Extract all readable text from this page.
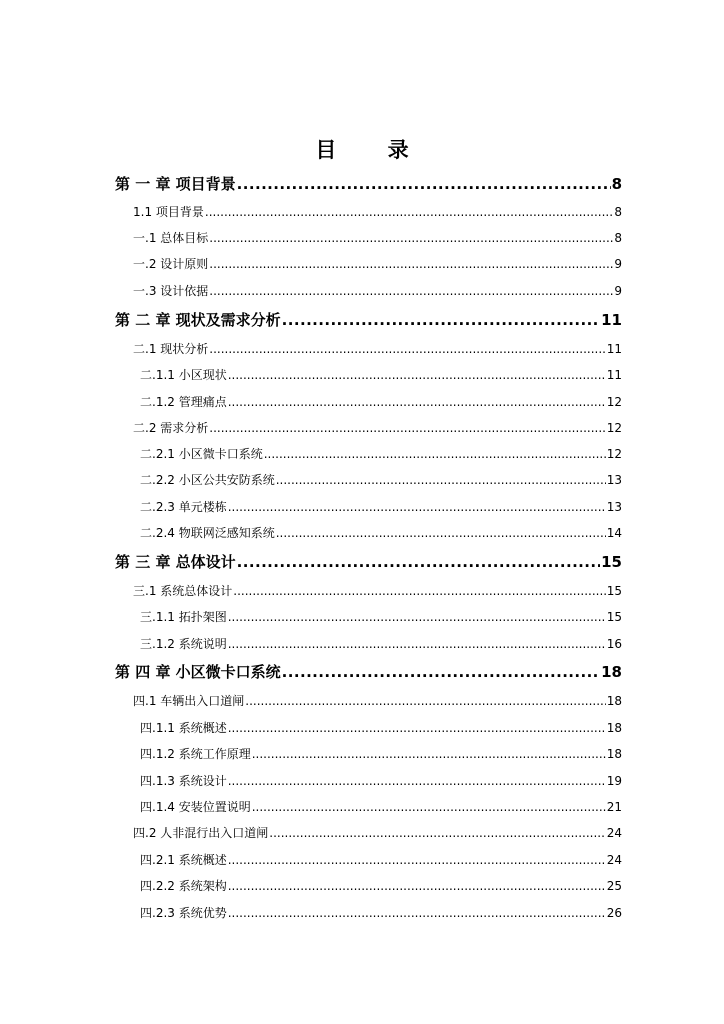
目 录
第 一 章 项目背景 .....	8
1.1 项目背景 .....	8
一.1 总体目标 .....	8
一.2 设计原则 .....	9
一.3 设计依据 .....	9
第 二 章 现状及需求分析 .....	11
二.1 现状分析 .....	11
二.1.1 小区现状 .....	11
二.1.2 管理痛点 .....	12
二.2 需求分析 .....	12
二.2.1 小区微卡口系统 .....	12
二.2.2 小区公共安防系统 .....	13
二.2.3 单元楼栋 .....	13
二.2.4 物联网泛感知系统 .....	14
第 三 章 总体设计 .....	15
三.1 系统总体设计 .....	15
三.1.1 拓扑架图 .....	15
三.1.2 系统说明 .....	16
第 四 章 小区微卡口系统 .....	18
四.1 车辆出入口道闸 .....	18
四.1.1 系统概述 .....	18
四.1.2 系统工作原理 .....	18
四.1.3 系统设计 .....	19
四.1.4 安装位置说明 .....	21
四.2 人非混行出入口道闸 .....	24
四.2.1 系统概述 .....	24
四.2.2 系统架构 .....	25
四.2.3 系统优势 .....	26
